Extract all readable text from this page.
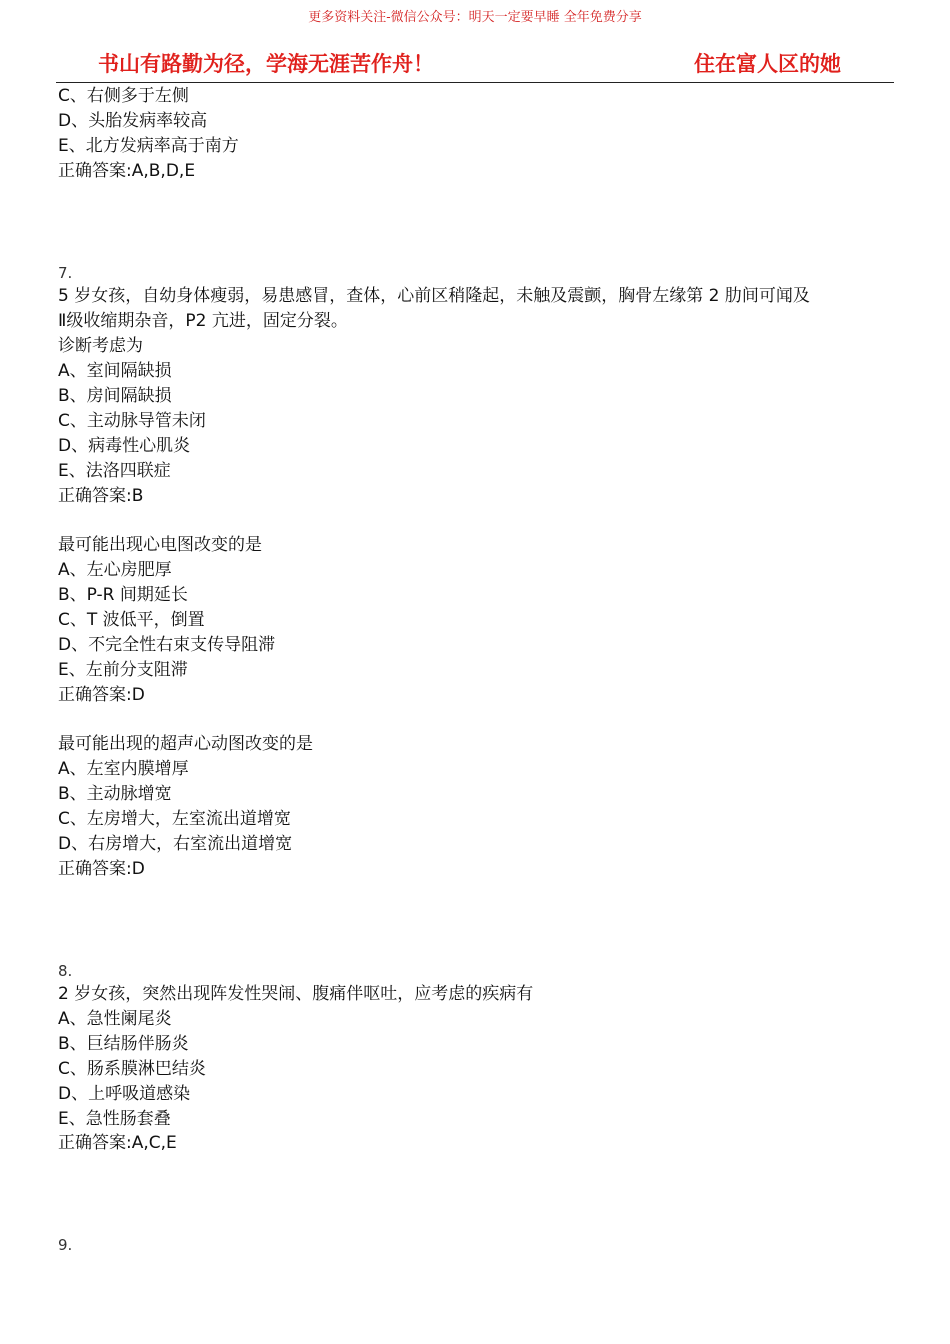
更多资料关注-微信公众号：明天一定要早睡 全年免费分享
书山有路勤为径，学海无涯苦作舟！	住在富人区的她
C、右侧多于左侧
D、头胎发病率较高
E、北方发病率高于南方
正确答案:A,B,D,E
7.
5 岁女孩，自幼身体瘦弱，易患感冒，查体，心前区稍隆起，未触及震颤，胸骨左缘第 2 肋间可闻及
Ⅱ级收缩期杂音，P2 亢进，固定分裂。
诊断考虑为
A、室间隔缺损
B、房间隔缺损
C、主动脉导管未闭
D、病毒性心肌炎
E、法洛四联症
正确答案:B
最可能出现心电图改变的是
A、左心房肥厚
B、P-R 间期延长
C、T 波低平，倒置
D、不完全性右束支传导阻滞
E、左前分支阻滞
正确答案:D
最可能出现的超声心动图改变的是
A、左室内膜增厚
B、主动脉增宽
C、左房增大，左室流出道增宽
D、右房增大，右室流出道增宽
正确答案:D
8.
2 岁女孩，突然出现阵发性哭闹、腹痛伴呕吐，应考虑的疾病有
A、急性阑尾炎
B、巨结肠伴肠炎
C、肠系膜淋巴结炎
D、上呼吸道感染
E、急性肠套叠
正确答案:A,C,E
9.
